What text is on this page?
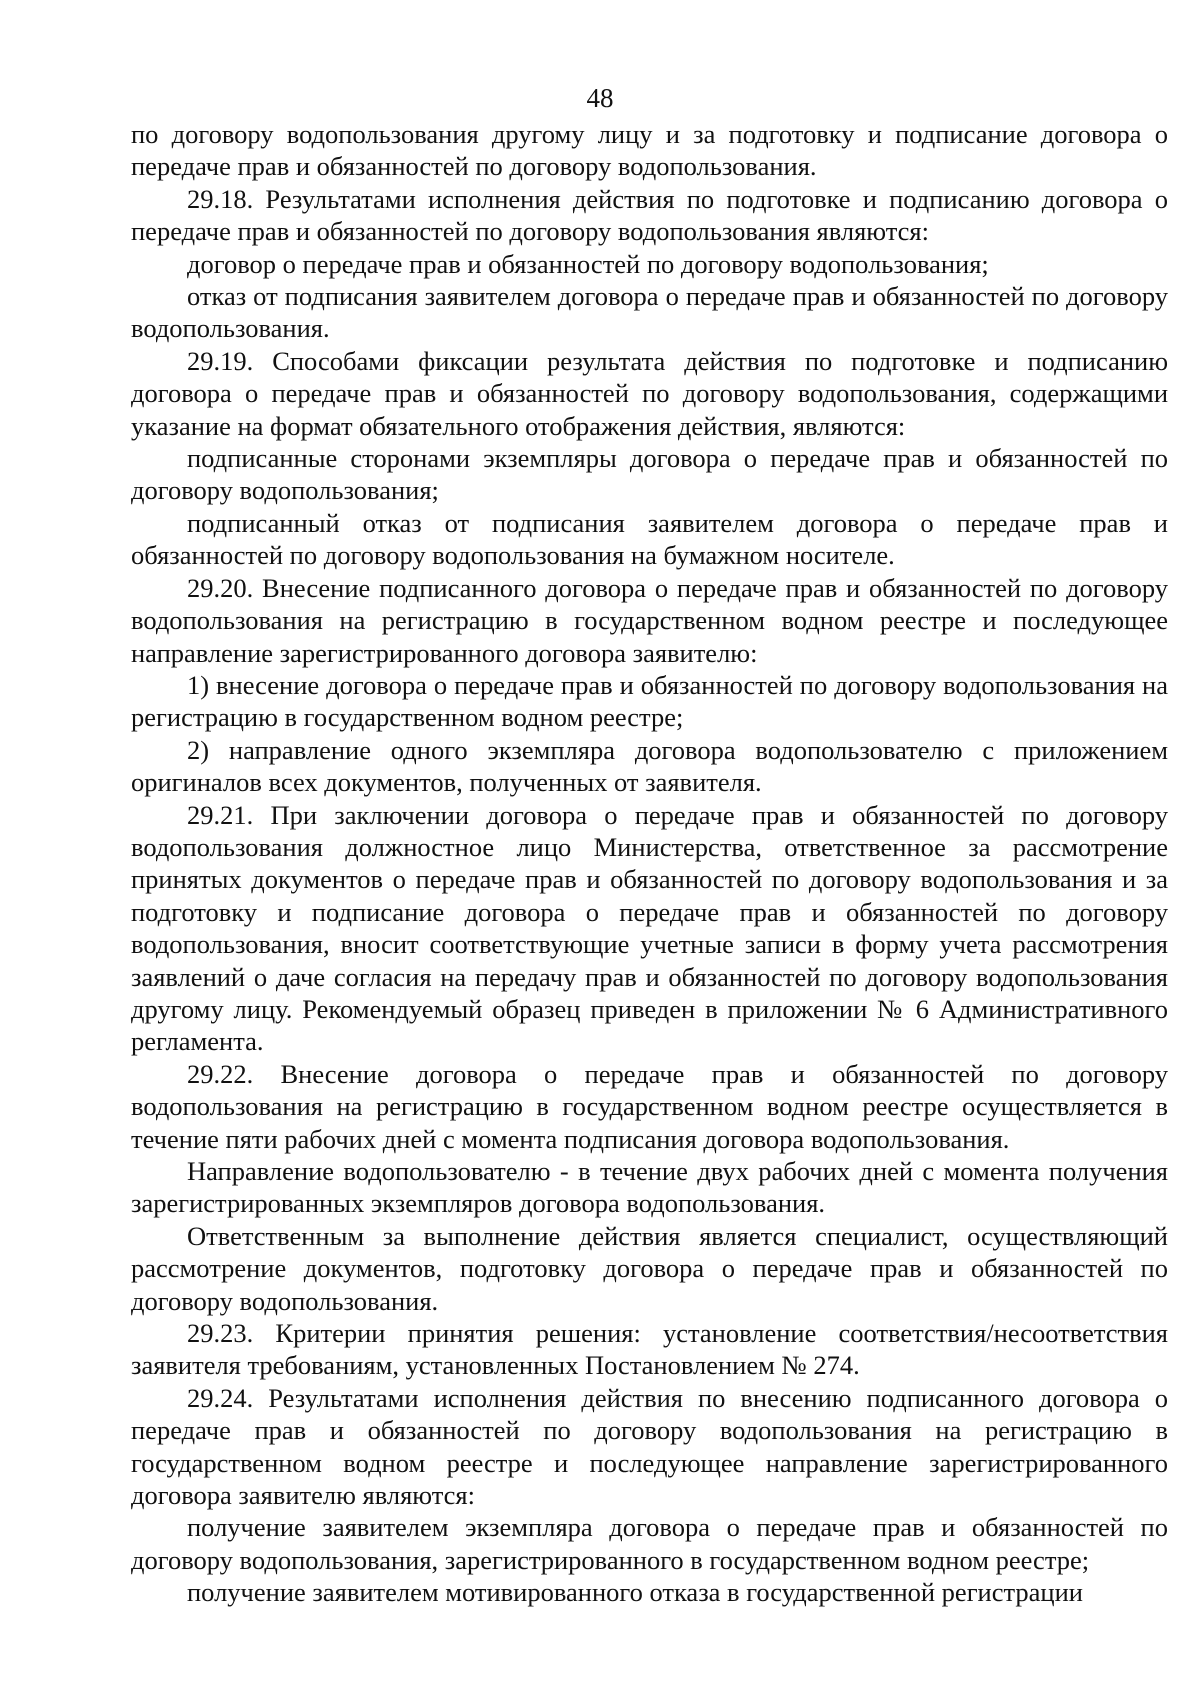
48

по договору водопользования другому лицу и за подготовку и подписание договора о передаче прав и обязанностей по договору водопользования.

29.18. Результатами исполнения действия по подготовке и подписанию договора о передаче прав и обязанностей по договору водопользования являются:

договор о передаче прав и обязанностей по договору водопользования;

отказ от подписания заявителем договора о передаче прав и обязанностей по договору водопользования.

29.19. Способами фиксации результата действия по подготовке и подписанию договора о передаче прав и обязанностей по договору водопользования, содержащими указание на формат обязательного отображения действия, являются:

подписанные сторонами экземпляры договора о передаче прав и обязанностей по договору водопользования;

подписанный отказ от подписания заявителем договора о передаче прав и обязанностей по договору водопользования на бумажном носителе.

29.20. Внесение подписанного договора о передаче прав и обязанностей по договору водопользования на регистрацию в государственном водном реестре и последующее направление зарегистрированного договора заявителю:

1) внесение договора о передаче прав и обязанностей по договору водопользования на регистрацию в государственном водном реестре;

2) направление одного экземпляра договора водопользователю с приложением оригиналов всех документов, полученных от заявителя.

29.21. При заключении договора о передаче прав и обязанностей по договору водопользования должностное лицо Министерства, ответственное за рассмотрение принятых документов о передаче прав и обязанностей по договору водопользования и за подготовку и подписание договора о передаче прав и обязанностей по договору водопользования, вносит соответствующие учетные записи в форму учета рассмотрения заявлений о даче согласия на передачу прав и обязанностей по договору водопользования другому лицу. Рекомендуемый образец приведен в приложении № 6 Административного регламента.

29.22. Внесение договора о передаче прав и обязанностей по договору водопользования на регистрацию в государственном водном реестре осуществляется в течение пяти рабочих дней с момента подписания договора водопользования.

Направление водопользователю - в течение двух рабочих дней с момента получения зарегистрированных экземпляров договора водопользования.

Ответственным за выполнение действия является специалист, осуществляющий рассмотрение документов, подготовку договора о передаче прав и обязанностей по договору водопользования.

29.23. Критерии принятия решения: установление соответствия/несоответствия заявителя требованиям, установленных Постановлением № 274.

29.24. Результатами исполнения действия по внесению подписанного договора о передаче прав и обязанностей по договору водопользования на регистрацию в государственном водном реестре и последующее направление зарегистрированного договора заявителю являются:

получение заявителем экземпляра договора о передаче прав и обязанностей по договору водопользования, зарегистрированного в государственном водном реестре;

получение заявителем мотивированного отказа в государственной регистрации
